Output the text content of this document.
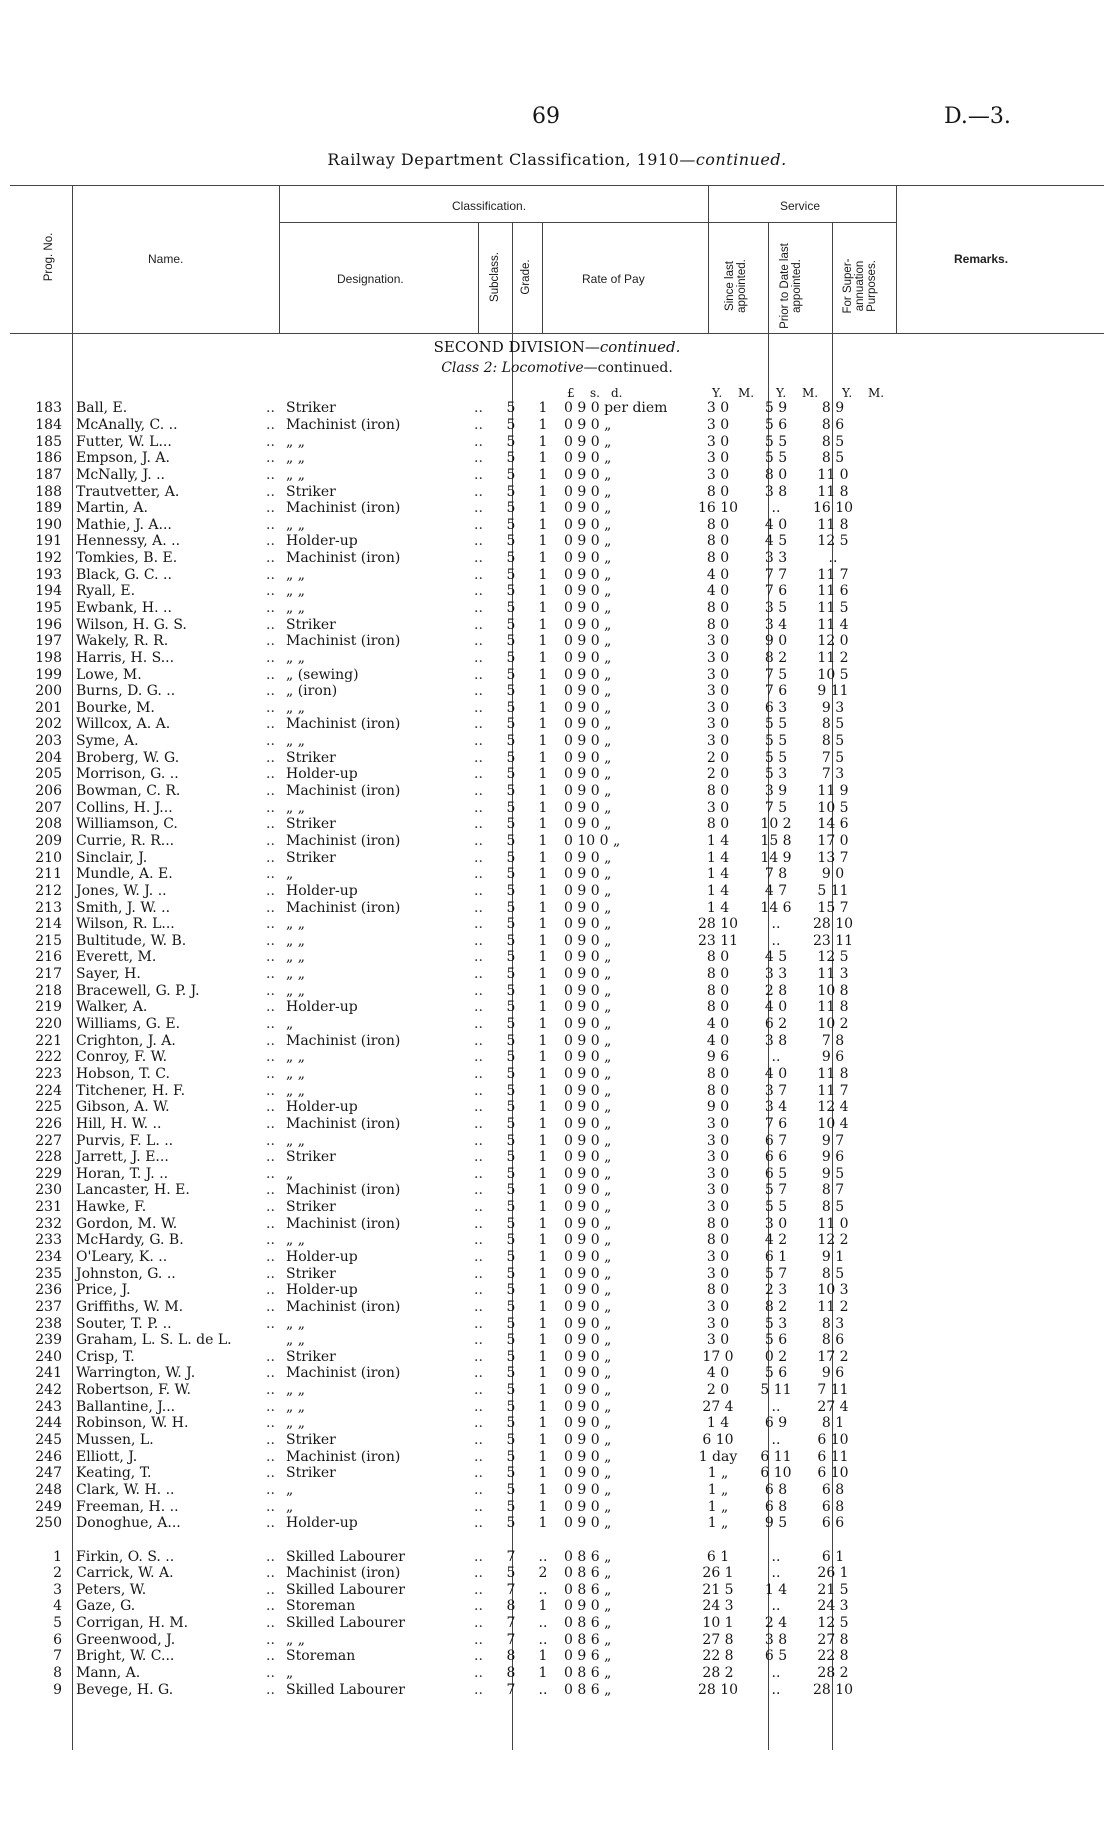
69	D.—3.
Railway Department Classification, 1910—continued.
Prog. No.	Name.
Classification.
Designation.	Subclass. Grade.	Rate of Pay
Service
Since last appointed.	Prior to Date last appointed.	For Super-annuation Purposes.
Remarks.
SECOND DIVISION—continued.
Class 2: Locomotive—continued.
£ s. d.	Y. M. Y. M. Y. M.
183	Ball, E.	..	Striker	..	5	1	0 9 0 per diem	3 0	5 9	8 9
184	McAnally, C. ..	..	Machinist (iron)	..	5	1	0 9 0 „	3 0	5 6	8 6
185	Futter, W. L...	..	„ „	..	5	1	0 9 0 „	3 0	5 5	8 5
186	Empson, J. A.	..	„ „	..	5	1	0 9 0 „	3 0	5 5	8 5
187	McNally, J. ..	..	„ „	..	5	1	0 9 0 „	3 0	8 0	11 0
188	Trautvetter, A.	..	Striker	..	5	1	0 9 0 „	8 0	3 8	11 8
189	Martin, A.	..	Machinist (iron)	..	5	1	0 9 0 „	16 10	..	16 10
190	Mathie, J. A...	..	„ „	..	5	1	0 9 0 „	8 0	4 0	11 8
191	Hennessy, A. ..	..	Holder-up	..	5	1	0 9 0 „	8 0	4 5	12 5
192	Tomkies, B. E.	..	Machinist (iron)	..	5	1	0 9 0 „	8 0	3 3	..
193	Black, G. C. ..	..	„ „	..	5	1	0 9 0 „	4 0	7 7	11 7
194	Ryall, E.	..	„ „	..	5	1	0 9 0 „	4 0	7 6	11 6
195	Ewbank, H. ..	..	„ „	..	5	1	0 9 0 „	8 0	3 5	11 5
196	Wilson, H. G. S.	..	Striker	..	5	1	0 9 0 „	8 0	3 4	11 4
197	Wakely, R. R.	..	Machinist (iron)	..	5	1	0 9 0 „	3 0	9 0	12 0
198	Harris, H. S...	..	„ „	..	5	1	0 9 0 „	3 0	8 2	11 2
199	Lowe, M.	..	„ (sewing)	..	5	1	0 9 0 „	3 0	7 5	10 5
200	Burns, D. G. ..	..	„ (iron)	..	5	1	0 9 0 „	3 0	7 6	9 11
201	Bourke, M.	..	„ „	..	5	1	0 9 0 „	3 0	6 3	9 3
202	Willcox, A. A.	..	Machinist (iron)	..	5	1	0 9 0 „	3 0	5 5	8 5
203	Syme, A.	..	„ „	..	5	1	0 9 0 „	3 0	5 5	8 5
204	Broberg, W. G.	..	Striker	..	5	1	0 9 0 „	2 0	5 5	7 5
205	Morrison, G. ..	..	Holder-up	..	5	1	0 9 0 „	2 0	5 3	7 3
206	Bowman, C. R.	..	Machinist (iron)	..	5	1	0 9 0 „	8 0	3 9	11 9
207	Collins, H. J...	..	„ „	..	5	1	0 9 0 „	3 0	7 5	10 5
208	Williamson, C.	..	Striker	..	5	1	0 9 0 „	8 0	10 2	14 6
209	Currie, R. R...	..	Machinist (iron)	..	5	1	0 10 0 „	1 4	15 8	17 0
210	Sinclair, J.	..	Striker	..	5	1	0 9 0 „	1 4	14 9	13 7
211	Mundle, A. E.	..	„	..	5	1	0 9 0 „	1 4	7 8	9 0
212	Jones, W. J. ..	..	Holder-up	..	5	1	0 9 0 „	1 4	4 7	5 11
213	Smith, J. W. ..	..	Machinist (iron)	..	5	1	0 9 0 „	1 4	14 6	15 7
214	Wilson, R. L...	..	„ „	..	5	1	0 9 0 „	28 10	..	28 10
215	Bultitude, W. B.	..	„ „	..	5	1	0 9 0 „	23 11	..	23 11
216	Everett, M.	..	„ „	..	5	1	0 9 0 „	8 0	4 5	12 5
217	Sayer, H.	..	„ „	..	5	1	0 9 0 „	8 0	3 3	11 3
218	Bracewell, G. P. J.	..	„ „	..	5	1	0 9 0 „	8 0	2 8	10 8
219	Walker, A.	..	Holder-up	..	5	1	0 9 0 „	8 0	4 0	11 8
220	Williams, G. E.	..	„	..	5	1	0 9 0 „	4 0	6 2	10 2
221	Crighton, J. A.	..	Machinist (iron)	..	5	1	0 9 0 „	4 0	3 8	7 8
222	Conroy, F. W.	..	„ „	..	5	1	0 9 0 „	9 6	..	9 6
223	Hobson, T. C.	..	„ „	..	5	1	0 9 0 „	8 0	4 0	11 8
224	Titchener, H. F.	..	„ „	..	5	1	0 9 0 „	8 0	3 7	11 7
225	Gibson, A. W.	..	Holder-up	..	5	1	0 9 0 „	9 0	3 4	12 4
226	Hill, H. W. ..	..	Machinist (iron)	..	5	1	0 9 0 „	3 0	7 6	10 4
227	Purvis, F. L. ..	..	„ „	..	5	1	0 9 0 „	3 0	6 7	9 7
228	Jarrett, J. E...	..	Striker	..	5	1	0 9 0 „	3 0	6 6	9 6
229	Horan, T. J. ..	..	„	..	5	1	0 9 0 „	3 0	6 5	9 5
230	Lancaster, H. E.	..	Machinist (iron)	..	5	1	0 9 0 „	3 0	5 7	8 7
231	Hawke, F.	..	Striker	..	5	1	0 9 0 „	3 0	5 5	8 5
232	Gordon, M. W.	..	Machinist (iron)	..	5	1	0 9 0 „	8 0	3 0	11 0
233	McHardy, G. B.	..	„ „	..	5	1	0 9 0 „	8 0	4 2	12 2
234	O'Leary, K. ..	..	Holder-up	..	5	1	0 9 0 „	3 0	6 1	9 1
235	Johnston, G. ..	..	Striker	..	5	1	0 9 0 „	3 0	5 7	8 5
236	Price, J.	..	Holder-up	..	5	1	0 9 0 „	8 0	2 3	10 3
237	Griffiths, W. M.	..	Machinist (iron)	..	5	1	0 9 0 „	3 0	8 2	11 2
238	Souter, T. P. ..	..	„ „	..	5	1	0 9 0 „	3 0	5 3	8 3
239	Graham, L. S. L. de L.		„ „	..	5	1	0 9 0 „	3 0	5 6	8 6
240	Crisp, T.	..	Striker	..	5	1	0 9 0 „	17 0	0 2	17 2
241	Warrington, W. J.	..	Machinist (iron)	..	5	1	0 9 0 „	4 0	5 6	9 6
242	Robertson, F. W.	..	„ „	..	5	1	0 9 0 „	2 0	5 11	7 11
243	Ballantine, J...	..	„ „	..	5	1	0 9 0 „	27 4	..	27 4
244	Robinson, W. H.	..	„ „	..	5	1	0 9 0 „	1 4	6 9	8 1
245	Mussen, L.	..	Striker	..	5	1	0 9 0 „	6 10	..	6 10
246	Elliott, J.	..	Machinist (iron)	..	5	1	0 9 0 „	1 day	6 11	6 11
247	Keating, T.	..	Striker	..	5	1	0 9 0 „	1 „	6 10	6 10
248	Clark, W. H. ..	..	„	..	5	1	0 9 0 „	1 „	6 8	6 8
249	Freeman, H. ..	..	„	..	5	1	0 9 0 „	1 „	6 8	6 8
250	Donoghue, A...	..	Holder-up	..	5	1	0 9 0 „	1 „	9 5	6 6

1	Firkin, O. S. ..	..	Skilled Labourer	..	7	..	0 8 6 „	6 1	..	6 1
2	Carrick, W. A.	..	Machinist (iron)	..	5	2	0 8 6 „	26 1	..	26 1
3	Peters, W.	..	Skilled Labourer	..	7	..	0 8 6 „	21 5	1 4	21 5
4	Gaze, G.	..	Storeman	..	8	1	0 9 0 „	24 3	..	24 3
5	Corrigan, H. M.	..	Skilled Labourer	..	7	..	0 8 6 „	10 1	2 4	12 5
6	Greenwood, J.	..	„ „	..	7	..	0 8 6 „	27 8	3 8	27 8
7	Bright, W. C...	..	Storeman	..	8	1	0 9 6 „	22 8	6 5	22 8
8	Mann, A.	..	„	..	8	1	0 8 6 „	28 2	..	28 2
9	Bevege, H. G.	..	Skilled Labourer	..	7	..	0 8 6 „	28 10	..	28 10
